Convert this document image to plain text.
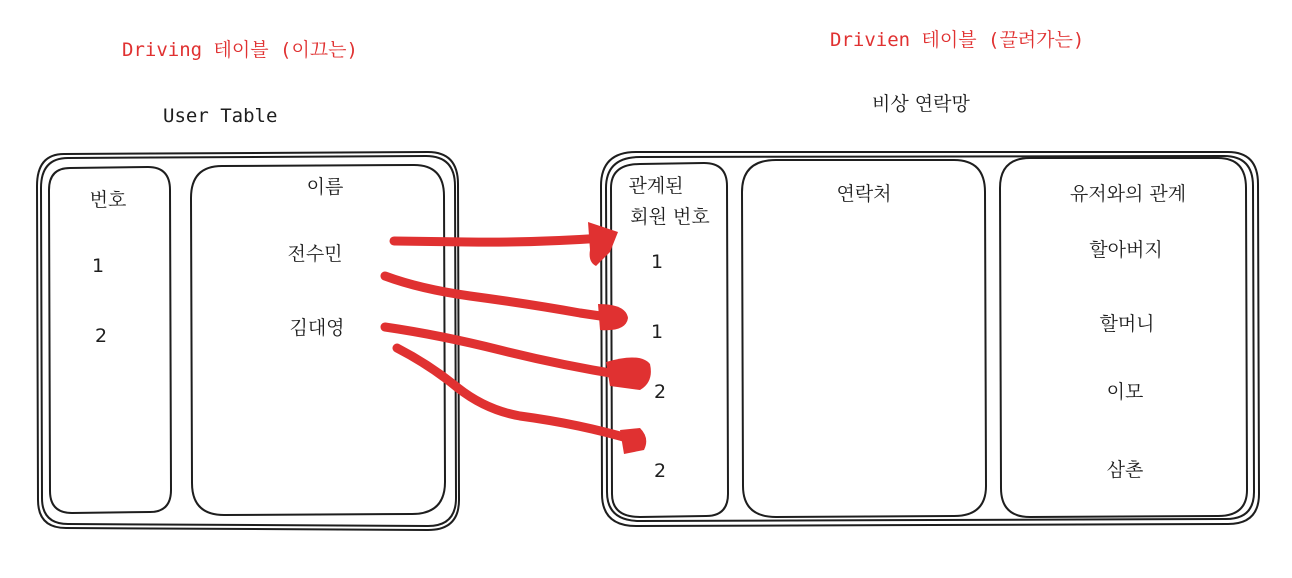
Driving 테이블 (이끄는)	Drivien 테이블 (끌려가는)
User Table
비상 연락망
번호
1
2
이름
전수민
김대영
관계된
회원 번호
1
1
2
2
연락처	유저와의 관계
할아버지
할머니
이모
삼촌
